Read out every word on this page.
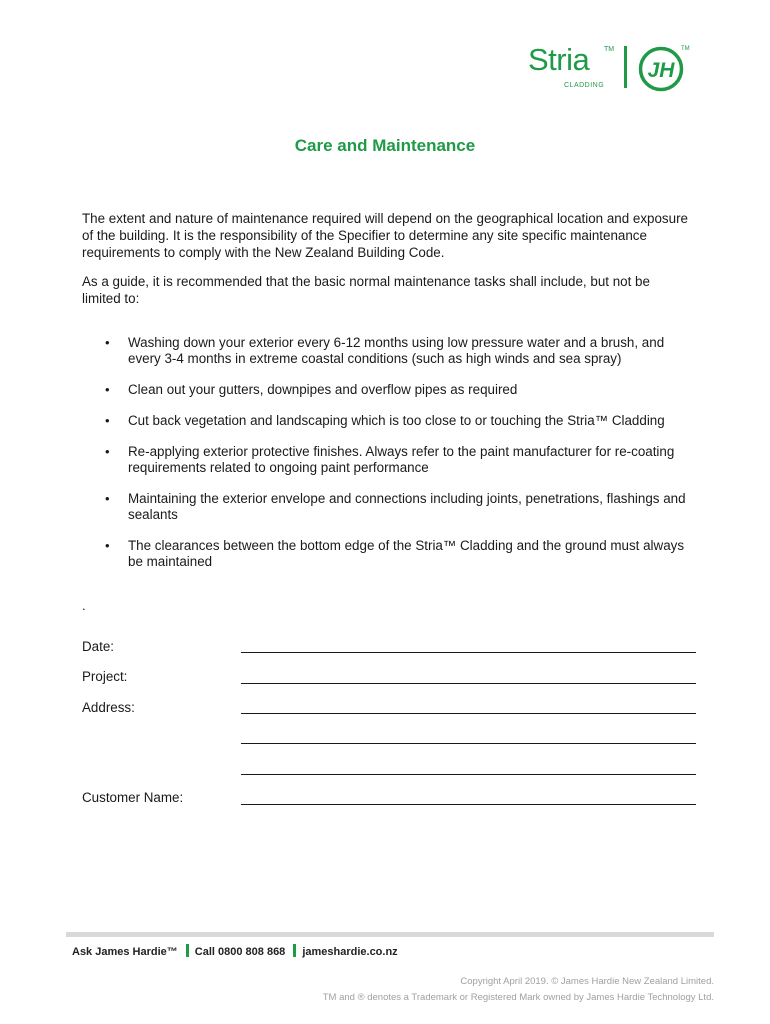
Stria TM
CLADDING
JH
TM
Care and Maintenance

The extent and nature of maintenance required will depend on the geographical location and exposure of the building. It is the responsibility of the Specifier to determine any site specific maintenance requirements to comply with the New Zealand Building Code.

As a guide, it is recommended that the basic normal maintenance tasks shall include, but not be limited to:

• Washing down your exterior every 6-12 months using low pressure water and a brush, and every 3-4 months in extreme coastal conditions (such as high winds and sea spray)
• Clean out your gutters, downpipes and overflow pipes as required
• Cut back vegetation and landscaping which is too close to or touching the Stria™ Cladding
• Re-applying exterior protective finishes. Always refer to the paint manufacturer for re-coating requirements related to ongoing paint performance
• Maintaining the exterior envelope and connections including joints, penetrations, flashings and sealants
• The clearances between the bottom edge of the Stria™ Cladding and the ground must always be maintained
.
Date:
Project:
Address:
Customer Name:
Ask James Hardie™ Call 0800 808 868 jameshardie.co.nz
Copyright April 2019. © James Hardie New Zealand Limited.
TM and ® denotes a Trademark or Registered Mark owned by James Hardie Technology Ltd.
